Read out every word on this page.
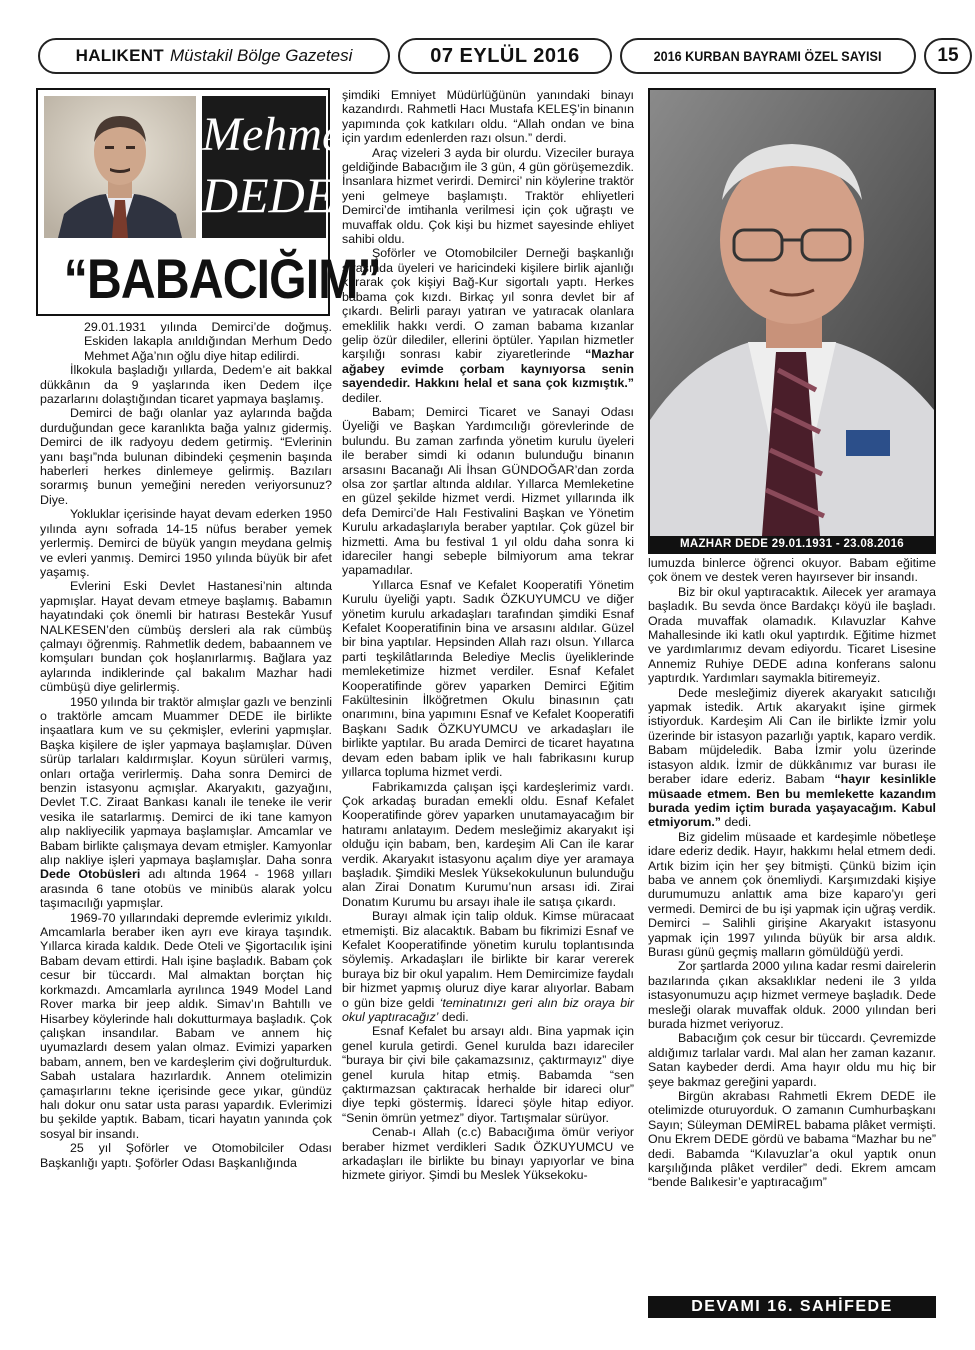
HALIKENT Müstakil Bölge Gazetesi	07 EYLÜL 2016	2016 KURBAN BAYRAMI ÖZEL SAYISI	15
Mehmet
DEDE
“BABACIĞIM”

29.01.1931 yılında Demirci’de doğmuş. Eskiden lakapla anıldığından Merhum Dedo Mehmet Ağa’nın oğlu diye hitap edilirdi.

İlkokula başladığı yıllarda, Dedem’e ait bakkal dükkânın da 9 yaşlarında iken Dedem ilçe pazarlarını dolaştığından ticaret yapmaya başlamış.

Demirci de bağı olanlar yaz aylarında bağda durduğundan gece karanlıkta bağa yalnız gidermiş. Demirci de ilk radyoyu dedem getirmiş. “Evlerinin yanı başı”nda bulunan dibindeki çeşmenin başında haberleri herkes dinlemeye gelirmiş. Bazıları sorarmış bunun yemeğini nereden veriyorsunuz? Diye.

Yokluklar içerisinde hayat devam ederken 1950 yılında aynı sofrada 14-15 nüfus beraber yemek yerlermiş. Demirci de büyük yangın meydana gelmiş ve evleri yanmış. Demirci 1950 yılında büyük bir afet yaşamış.

Evlerini Eski Devlet Hastanesi’nin altında yapmışlar. Hayat devam etmeye başlamış. Babamın hayatındaki çok önemli bir hatırası Bestekâr Yusuf NALKESEN’den cümbüş dersleri ala rak cümbüş çalmayı öğrenmiş. Rahmetlik dedem, babaannem ve komşuları bundan çok hoşlanırlarmış. Bağlara yaz aylarında indiklerinde çal bakalım Mazhar hadi cümbüşü diye gelirlermiş.

1950 yılında bir traktör almışlar gazlı ve benzinli o traktörle amcam Muammer DEDE ile birlikte inşaatlara kum ve su çekmişler, evlerini yapmışlar. Başka kişilere de işler yapmaya başlamışlar. Düven sürüp tarlaları kaldırmışlar. Koyun sürüleri varmış, onları ortağa verirlermiş. Daha sonra Demirci de benzin istasyonu açmışlar. Akaryakıtı, gazyağını, Devlet T.C. Ziraat Bankası kanalı ile teneke ile verir vesika ile satarlarmış. Demirci de iki tane kamyon alıp nakliyecilik yapmaya başlamışlar. Amcamlar ve Babam birlikte çalışmaya devam etmişler. Kamyonlar alıp nakliye işleri yapmaya başlamışlar. Daha sonra Dede Otobüsleri adı altında 1964 - 1968 yılları arasında 6 tane otobüs ve minibüs alarak yolcu taşımacılığı yapmışlar.

1969-70 yıllarındaki depremde evlerimiz yıkıldı. Amcamlarla beraber iken ayrı eve kiraya taşındık. Yıllarca kirada kaldık. Dede Oteli ve Şigortacılık işini Babam devam ettirdi. Halı işine başladık. Babam çok cesur bir tüccardı. Mal almaktan borçtan hiç korkmazdı. Amcamlarla ayrılınca 1949 Model Land Rover marka bir jeep aldık. Simav’ın Bahtıllı ve Hisarbey köylerinde halı dokutturmaya başladık. Çok çalışkan insandılar. Babam ve annem hiç uyumazlardı desem yalan olmaz. Evimizi yaparken babam, annem, ben ve kardeşlerim çivi doğrulturduk. Sabah ustalara hazırlardık. Annem otelimizin çamaşırlarını tekne içerisinde gece yıkar, gündüz halı dokur onu satar usta parası yapardık. Evlerimizi bu şekilde yaptık. Babam, ticari hayatın yanında çok sosyal bir insandı.

25 yıl Şoförler ve Otomobilciler Odası Başkanlığı yaptı. Şoförler Odası Başkanlığında

şimdiki Emniyet Müdürlüğünün yanındaki binayı kazandırdı. Rahmetli Hacı Mustafa KELEŞ’in binanın yapımında çok katkıları oldu. “Allah ondan ve bina için yardım edenlerden razı olsun.” derdi.

Araç vizeleri 3 ayda bir olurdu. Vizeciler buraya geldiğinde Babacığım ile 3 gün, 4 gün görüşemezdik. İnsanlara hizmet verirdi. Demirci’ nin köylerine traktör yeni gelmeye başlamıştı. Traktör ehliyetleri Demirci’de imtihanla verilmesi için çok uğraştı ve muvaffak oldu. Çok kişi bu hizmet sayesinde ehliyet sahibi oldu.

Şoförler ve Otomobilciler Derneği başkanlığı sırasında üyeleri ve haricindeki kişilere birlik ajanlığı kurarak çok kişiyi Bağ-Kur sigortalı yaptı. Herkes babama çok kızdı. Birkaç yıl sonra devlet bir af çıkardı. Belirli parayı yatıran ve yatıracak olanlara emeklilik hakkı verdi. O zaman babama kızanlar gelip özür dilediler, ellerini öptüler. Yapılan hizmetler karşılığı sonrası kabir ziyaretlerinde “Mazhar ağabey evimde çorbam kaynıyorsa senin sayendedir. Hakkını helal et sana çok kızmıştık.” dediler.

Babam; Demirci Ticaret ve Sanayi Odası Üyeliği ve Başkan Yardımcılığı görevlerinde de bulundu. Bu zaman zarfında yönetim kurulu üyeleri ile beraber simdi ki odanın bulunduğu binanın arsasını Bacanağı Ali İhsan GÜNDOĞAR’dan zorda olsa zor şartlar altında aldılar. Yıllarca Memleketine en güzel şekilde hizmet verdi. Hizmet yıllarında ilk defa Demirci’de Halı Festivalini Başkan ve Yönetim Kurulu arkadaşlarıyla beraber yaptılar. Çok güzel bir hizmetti. Ama bu festival 1 yıl oldu daha sonra ki idareciler hangi sebeple bilmiyorum ama tekrar yapamadılar.

Yıllarca Esnaf ve Kefalet Kooperatifi Yönetim Kurulu üyeliği yaptı. Sadık ÖZKUYUMCU ve diğer yönetim kurulu arkadaşları tarafından şimdiki Esnaf Kefalet Kooperatifinin bina ve arsasını aldılar. Güzel bir bina yaptılar. Hepsinden Allah razı olsun. Yıllarca parti teşkilâtlarında Belediye Meclis üyeliklerinde memleketimize hizmet verdiler. Esnaf Kefalet Kooperatifinde görev yaparken Demirci Eğitim Fakültesinin İlköğretmen Okulu binasının çatı onarımını, bina yapımını Esnaf ve Kefalet Kooperatifi Başkanı Sadık ÖZKUYUMCU ve arkadaşları ile birlikte yaptılar. Bu arada Demirci de ticaret hayatına devam eden babam iplik ve halı fabrikasını kurup yıllarca topluma hizmet verdi.

Fabrikamızda çalışan işçi kardeşlerimiz vardı. Çok arkadaş buradan emekli oldu. Esnaf Kefalet Kooperatifinde görev yaparken unutamayacağım bir hatıramı anlatayım. Dedem mesleğimiz akaryakıt işi olduğu için babam, ben, kardeşim Ali Can ile karar verdik. Akaryakıt istasyonu açalım diye yer aramaya başladık. Şimdiki Meslek Yüksekokulunun bulunduğu alan Zirai Donatım Kurumu’nun arsası idi. Zirai Donatım Kurumu bu arsayı ihale ile satışa çıkardı.

Burayı almak için talip olduk. Kimse müracaat etmemişti. Biz alacaktık. Babam bu fikrimizi Esnaf ve Kefalet Kooperatifinde yönetim kurulu toplantısında söylemiş. Arkadaşları ile birlikte bir karar vererek buraya biz bir okul yapalım. Hem Demircimize faydalı bir hizmet yapmış oluruz diye karar alıyorlar. Babam o gün bize geldi ‘teminatınızı geri alın biz oraya bir okul yaptıracağız’ dedi.

Esnaf Kefalet bu arsayı aldı. Bina yapmak için genel kurula getirdi. Genel kurulda bazı idareciler “buraya bir çivi bile çakamazsınız, çaktırmayız” diye genel kurula hitap etmiş. Babamda “sen çaktırmazsan çaktıracak herhalde bir idareci olur” diye tepki göstermiş. İdareci şöyle hitap ediyor. “Senin ömrün yetmez” diyor. Tartışmalar sürüyor.

Cenab-ı Allah (c.c) Babacığıma ömür veriyor beraber hizmet verdikleri Sadık ÖZKUYUMCU ve arkadaşları ile birlikte bu binayı yapıyorlar ve bina hizmete giriyor. Şimdi bu Meslek Yüksekoku-

MAZHAR DEDE 29.01.1931 - 23.08.2016

lumuzda binlerce öğrenci okuyor. Babam eğitime çok önem ve destek veren hayırsever bir insandı.

Biz bir okul yaptıracaktık. Ailecek yer aramaya başladık. Bu sevda önce Bardakçı köyü ile başladı. Orada muvaffak olamadık. Kılavuzlar Kahve Mahallesinde iki katlı okul yaptırdık. Eğitime hizmet ve yardımlarımız devam ediyordu. Ticaret Lisesine Annemiz Ruhiye DEDE adına konferans salonu yaptırdık. Yardımları saymakla bitiremeyiz.

Dede mesleğimiz diyerek akaryakıt satıcılığı yapmak istedik. Artık akaryakıt işine girmek istiyorduk. Kardeşim Ali Can ile birlikte İzmir yolu üzerinde bir istasyon pazarlığı yaptık, kaparo verdik. Babam müjdeledik. Baba İzmir yolu üzerinde istasyon aldık. İzmir de dükkânımız var burası ile beraber idare ederiz. Babam “hayır kesinlikle müsaade etmem. Ben bu memlekette kazandım burada yedim içtim burada yaşayacağım. Kabul etmiyorum.” dedi.

Biz gidelim müsaade et kardeşimle nöbetleşe idare ederiz dedik. Hayır, hakkımı helal etmem dedi. Artık bizim için her şey bitmişti. Çünkü bizim için baba ve annem çok önemliydi. Karşımızdaki kişiye durumumuzu anlattık ama bize kaparo’yı geri vermedi. Demirci de bu işi yapmak için uğraş verdik. Demirci – Salihli girişine Akaryakıt istasyonu yapmak için 1997 yılında büyük bir arsa aldık. Burası günü geçmiş malların gömüldüğü yerdi.

Zor şartlarda 2000 yılına kadar resmi dairelerin bazılarında çıkan aksaklıklar nedeni ile 3 yılda istasyonumuzu açıp hizmet vermeye başladık. Dede mesleği olarak muvaffak olduk. 2000 yılından beri burada hizmet veriyoruz.

Babacığım çok cesur bir tüccardı. Çevremizde aldığımız tarlalar vardı. Mal alan her zaman kazanır. Satan kaybeder derdi. Ama hayır oldu mu hiç bir şeye bakmaz gereğini yapardı.

Birgün akrabası Rahmetli Ekrem DEDE ile otelimizde oturuyorduk. O zamanın Cumhurbaşkanı Sayın; Süleyman DEMİREL babama plâket vermişti. Onu Ekrem DEDE gördü ve babama “Mazhar bu ne” dedi. Babamda “Kılavuzlar’a okul yaptık onun karşılığında plâket verdiler” dedi. Ekrem amcam “bende Balıkesir’e yaptıracağım”

DEVAMI 16. SAHİFEDE
